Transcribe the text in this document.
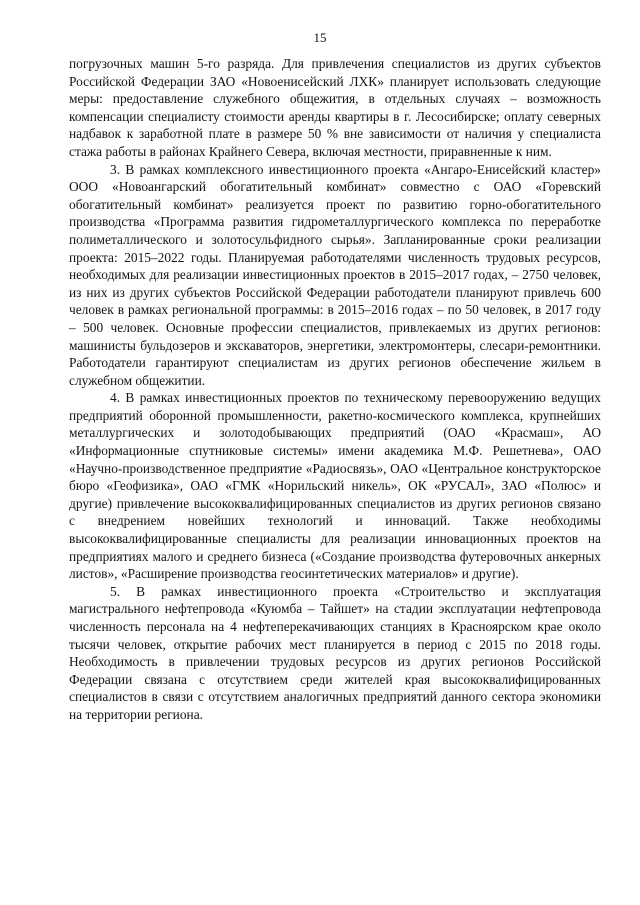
15

погрузочных машин 5-го разряда. Для привлечения специалистов из других субъектов Российской Федерации ЗАО «Новоенисейский ЛХК» планирует использовать следующие меры: предоставление служебного общежития, в отдельных случаях – возможность компенсации специалисту стоимости аренды квартиры в г. Лесосибирске; оплату северных надбавок к заработной плате в размере 50 % вне зависимости от наличия у специалиста стажа работы в районах Крайнего Севера, включая местности, приравненные к ним.

3. В рамках комплексного инвестиционного проекта «Ангаро-Енисейский кластер» ООО «Новоангарский обогатительный комбинат» совместно с ОАО «Горевский обогатительный комбинат» реализуется проект по развитию горно-обогатительного производства «Программа развития гидрометаллургического комплекса по переработке полиметаллического и золотосульфидного сырья». Запланированные сроки реализации проекта: 2015–2022 годы. Планируемая работодателями численность трудовых ресурсов, необходимых для реализации инвестиционных проектов в 2015–2017 годах, – 2750 человек, из них из других субъектов Российской Федерации работодатели планируют привлечь 600 человек в рамках региональной программы: в 2015–2016 годах – по 50 человек, в 2017 году – 500 человек. Основные профессии специалистов, привлекаемых из других регионов: машинисты бульдозеров и экскаваторов, энергетики, электромонтеры, слесари-ремонтники. Работодатели гарантируют специалистам из других регионов обеспечение жильем в служебном общежитии.

4. В рамках инвестиционных проектов по техническому перевооружению ведущих предприятий оборонной промышленности, ракетно-космического комплекса, крупнейших металлургических и золотодобывающих предприятий (ОАО «Красмаш», АО «Информационные спутниковые системы» имени академика М.Ф. Решетнева», ОАО «Научно-производственное предприятие «Радиосвязь», ОАО «Центральное конструкторское бюро «Геофизика», ОАО «ГМК «Норильский никель», ОК «РУСАЛ», ЗАО «Полюс» и другие) привлечение высококвалифицированных специалистов из других регионов связано с внедрением новейших технологий и инноваций. Также необходимы высококвалифицированные специалисты для реализации инновационных проектов на предприятиях малого и среднего бизнеса («Создание производства футеровочных анкерных листов», «Расширение производства геосинтетических материалов» и другие).

5. В рамках инвестиционного проекта «Строительство и эксплуатация магистрального нефтепровода «Куюмба – Тайшет» на стадии эксплуатации нефтепровода численность персонала на 4 нефтеперекачивающих станциях в Красноярском крае около тысячи человек, открытие рабочих мест планируется в период с 2015 по 2018 годы. Необходимость в привлечении трудовых ресурсов из других регионов Российской Федерации связана с отсутствием среди жителей края высококвалифицированных специалистов в связи с отсутствием аналогичных предприятий данного сектора экономики на территории региона.
